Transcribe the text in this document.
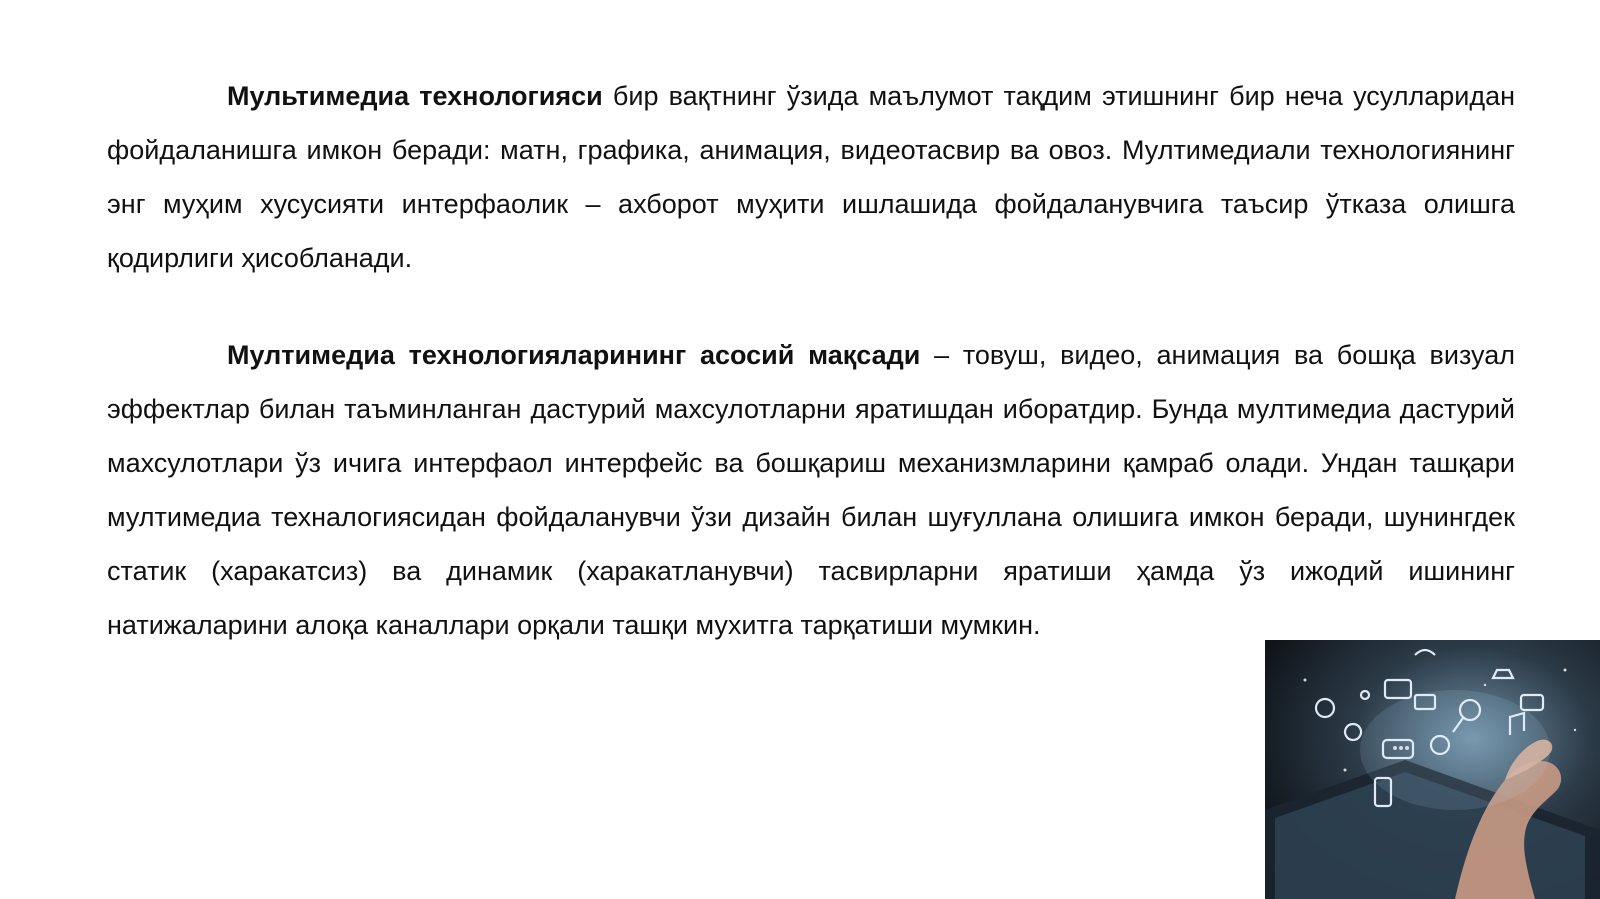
Мультимедиа технологияси бир вақтнинг ўзида маълумот тақдим этишнинг бир неча усулларидан фойдаланишга имкон беради: матн, графика, анимация, видеотасвир ва овоз. Мултимедиали технологиянинг энг муҳим хусусияти интерфаолик – ахборот муҳити ишлашида фойдаланувчига таъсир ўтказа олишга қодирлиги ҳисобланади.

Мултимедиа технологияларининг асосий мақсади – товуш, видео, анимация ва бошқа визуал эффектлар билан таъминланган дастурий махсулотларни яратишдан иборатдир. Бунда мултимедиа дастурий махсулотлари ўз ичига интерфаол интерфейс ва бошқариш механизмларини қамраб олади. Ундан ташқари мултимедиа техналогиясидан фойдаланувчи ўзи дизайн билан шуғуллана олишига имкон беради, шунингдек статик (харакатсиз) ва динамик (харакатланувчи) тасвирларни яратиши ҳамда ўз ижодий ишининг натижаларини алоқа каналлари орқали ташқи мухитга тарқатиши мумкин.
